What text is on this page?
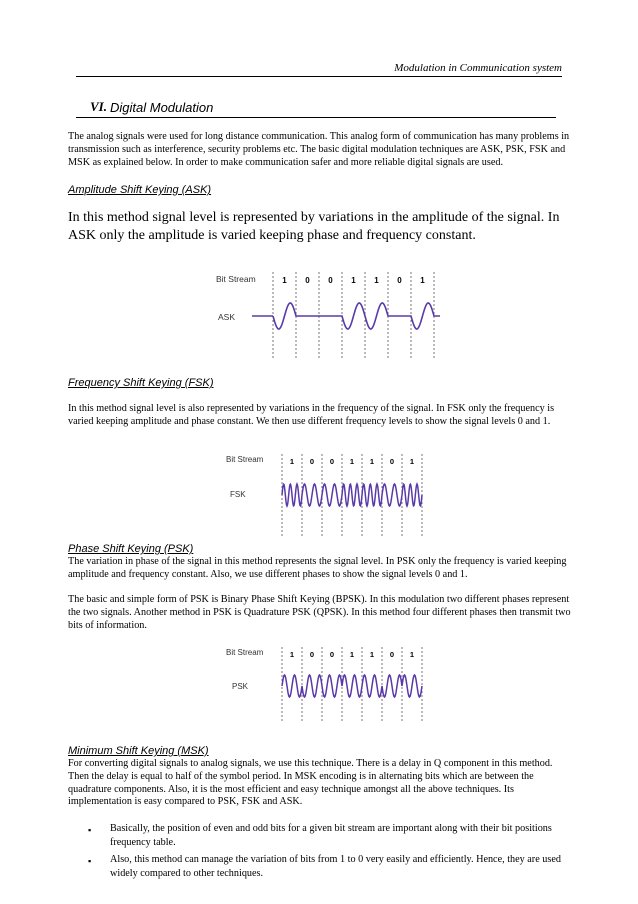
Modulation in Communication system
VI. Digital Modulation

The analog signals were used for long distance communication. This analog form of communication has many problems in transmission such as interference, security problems etc. The basic digital modulation techniques are ASK, PSK, FSK and MSK as explained below. In order to make communication safer and more reliable digital signals are used.

Amplitude Shift Keying (ASK)

In this method signal level is represented by variations in the amplitude of the signal. In ASK only the amplitude is varied keeping phase and frequency constant.

Bit Stream
ASK
1 0 0 1 1 0 1
Frequency Shift Keying (FSK)

In this method signal level is also represented by variations in the frequency of the signal. In FSK only the frequency is varied keeping amplitude and phase constant. We then use different frequency levels to show the signal levels 0 and 1.

Bit Stream
FSK
1 0 0 1 1 0 1
Phase Shift Keying (PSK)

The variation in phase of the signal in this method represents the signal level. In PSK only the frequency is varied keeping amplitude and frequency constant. Also, we use different phases to show the signal levels 0 and 1.

The basic and simple form of PSK is Binary Phase Shift Keying (BPSK). In this modulation two different phases represent the two signals. Another method in PSK is Quadrature PSK (QPSK). In this method four different phases then transmit two bits of information.

Bit Stream
PSK
1 0 0 1 1 0 1
Minimum Shift Keying (MSK)

For converting digital signals to analog signals, we use this technique. There is a delay in Q component in this method. Then the delay is equal to half of the symbol period. In MSK encoding is in alternating bits which are between the quadrature components. Also, it is the most efficient and easy technique amongst all the above techniques. Its implementation is easy compared to PSK, FSK and ASK.

▪ Basically, the position of even and odd bits for a given bit stream are important along with their bit positions frequency table.

▪ Also, this method can manage the variation of bits from 1 to 0 very easily and efficiently. Hence, they are used widely compared to other techniques.
